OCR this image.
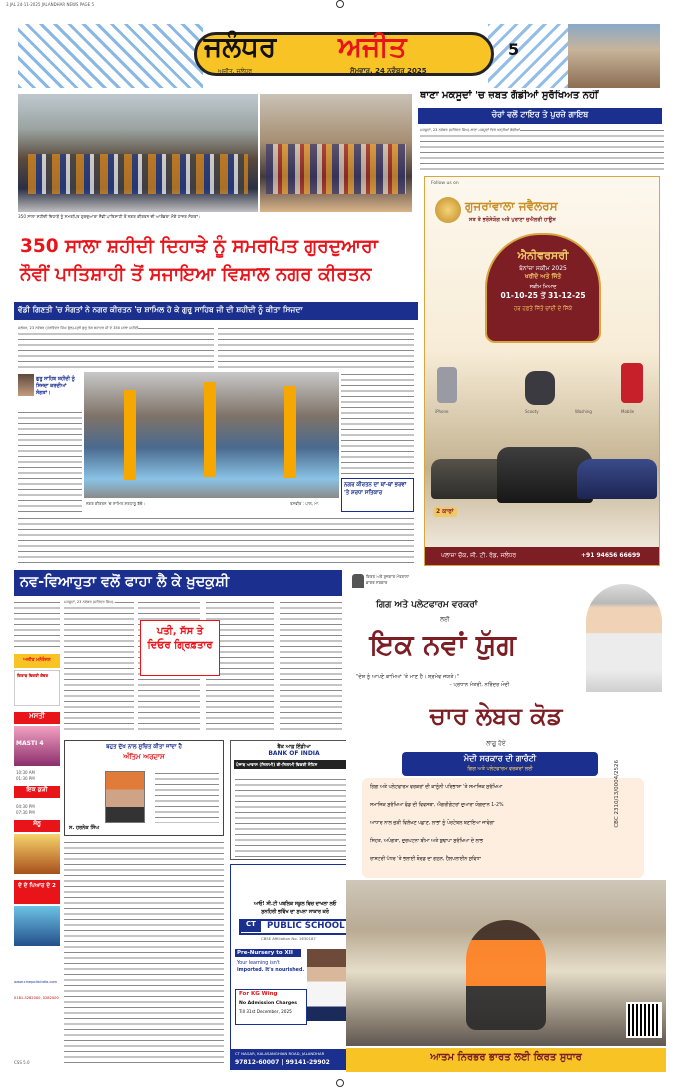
3 JAL 24-11-2025 JALANDHAR NEWS PAGE 5
ਜਲੰਧਰ ਅਜੀਤ
ਅਜੀਤ, ਜਲੰਧਰ	ਸੋਮਵਾਰ, 24 ਨਵੰਬਰ 2025
5
350 ਸਾਲਾ ਸ਼ਹੀਦੀ ਦਿਹਾੜੇ ਨੂੰ ਸਮਰਪਿਤ ਗੁਰਦੁਆਰਾ ਨੌਵੀਂ ਪਾਤਿਸ਼ਾਹੀ ਤੋਂ ਨਗਰ ਕੀਰਤਨ ਦੀ ਆਰੰਭਤਾ ਮੌਕੇ ਹਾਜ਼ਰ ਸੰਗਤਾਂ।
350 ਸਾਲਾ ਸ਼ਹੀਦੀ ਦਿਹਾੜੇ ਨੂੰ ਸਮਰਪਿਤ ਗੁਰਦੁਆਰਾ
ਨੌਵੀਂ ਪਾਤਿਸ਼ਾਹੀ ਤੋਂ ਸਜਾਇਆ ਵਿਸ਼ਾਲ ਨਗਰ ਕੀਰਤਨ
ਵੱਡੀ ਗਿਣਤੀ 'ਚ ਸੰਗਤਾਂ ਨੇ ਨਗਰ ਕੀਰਤਨ 'ਚ ਸ਼ਾਮਿਲ ਹੋ ਕੇ ਗੁਰੂ ਸਾਹਿਬ ਜੀ ਦੀ ਸ਼ਹੀਦੀ ਨੂੰ ਕੀਤਾ ਸਿਜਦਾ
ਜਲੰਧਰ, 23 ਨਵੰਬਰ (ਹਰਵਿੰਦਰ ਸਿੰਘ ਫੁੱਲ)-ਸ੍ਰੀ ਗੁਰੂ ਤੇਗ ਬਹਾਦਰ ਜੀ ਦੇ 350 ਸਾਲਾ ਸ਼ਹੀਦੀ
ਗੁਰੂ ਸਾਹਿਬ ਸ਼ਹੀਦੀ ਨੂੰ ਸਿਜਦਾ ਕਰਦੀਆਂ ਸੰਗਤਾਂ।
ਨਗਰ ਕੀਰਤਨ 'ਚ ਸ਼ਾਮਿਲ ਸ਼ਰਧਾਲੂ ਬੱਚੇ।	ਤਸਵੀਰ : ਪਾਲ, ਮਾ.
ਨਗਰ ਕੀਰਤਨ ਦਾ ਥਾਂ-ਥਾਂ ਭਰਵਾਂ 'ਤੇ ਸ਼ਰਧਾ ਸਤਿਕਾਰ
ਥਾਣਾ ਮਕਸੂਦਾਂ 'ਚ ਜ਼ਬਤ ਗੱਡੀਆਂ ਸੁਰੱਖਿਅਤ ਨਹੀਂ
ਚੋਰਾਂ ਵਲੋਂ ਟਾਇਰ ਤੇ ਪੁਰਜ਼ੇ ਗਾਇਬ
ਮਕਸੂਦਾਂ, 23 ਨਵੰਬਰ (ਸਤਿੰਦਰ ਸਿੰਘ)-ਥਾਣਾ ਮਕਸੂਦਾਂ ਵਿਖੇ ਖੜ੍ਹੀਆਂ ਗੱਡੀਆਂ
Follow us on
ਗੁਜਰਾਂਵਾਲਾ ਜਵੈਲਰਸ
ਸਤ ਤੇ ਭਰੋਸੇਯੋਗ ਅਤੇ ਪੁਰਾਣਾ ਜੁਐਲਰੀ ਹਾਊਸ
ਐਨੀਵਰਸਰੀ
ਬੋਨਾਂਜ਼ਾ ਸਕੀਮ 2025
ਖਰੀਦੋ ਅਤੇ ਜਿੱਤੋ
ਸਕੀਮ ਮਿਆਦ
01-10-25 ਤੋਂ 31-12-25
ਹਰ ਹਫ਼ਤੇ ਜਿੱਤੋ ਚਾਂਦੀ ਦੇ ਸਿੱਕੇ
iPhone	Scooty	Washing	Mobile
2 ਕਾਰਾਂ
ਪਲਾਜ਼ਾ ਚੌਕ, ਜੀ. ਟੀ. ਰੋਡ, ਜਲੰਧਰ	+91 94656 66699
ਨਵ-ਵਿਆਹੁਤਾ ਵਲੋਂ ਫਾਹਾ ਲੈ ਕੇ ਖ਼ੁਦਕੁਸ਼ੀ
ਮਕਸੂਦਾਂ, 23 ਨਵੰਬਰ (ਸਤਿੰਦਰ ਸਿੰਘ)-
ਪਤੀ, ਸੱਸ ਤੇ ਦਿਓਰ ਗ੍ਰਿਫ਼ਤਾਰ
ਅਜੀਤ ਮਨੋਰੰਜਨ
ਕਿਤਾਬ ਵਿਕਰੀ ਕੇਂਦਰ
ਮਸਤੀ
MASTI 4
10:30 AM
01:30 PM
ਇਕ ਕੁੜੀ
04:30 PM
07:30 PM
ਸੋਨੂ
ਦੇ ਦੇ ਪਿਆਰ ਦੇ 2
www.cinepolisindia.com
0181-5282000, 5282000
CSS 5.0
ਬਹੁਤ ਦੁੱਖ ਨਾਲ ਸੂਚਿਤ ਕੀਤਾ ਜਾਂਦਾ ਹੈ
ਅੰਤਿਮ ਅਰਦਾਸ
ਸ. ਹਰਨੇਕ ਸਿੰਘ
ਬੈਂਕ ਆਫ਼ ਇੰਡੀਆ
BANK OF INDIA
ਪੰਜਾਬ ਆਵਾਸ (ਨਿਲਾਮੀ) ਈ-ਨਿਲਾਮੀ ਵਿਕਰੀ ਨੋਟਿਸ
ਆਓ! ਸੀ.ਟੀ ਪਬਲਿਕ ਸਕੂਲ ਵਿਚ ਦਾਖਲਾ ਲਓ
ਸੁਨਹਿਰੀ ਭਵਿੱਖ ਦਾ ਸੁਪਨਾ ਸਾਕਾਰ ਕਰੋ
CT	PUBLIC SCHOOL
CBSE Affiliation No. 1630187
Pre-Nursery to XII
Your learning isn't
imported. It's nourished.
For KG Wing
No Admission Charges
Till 31st December, 2025
CT NAGAR, KALASANGHIAN ROAD, JALANDHAR
97812-60007 | 99141-29902
ਕਿਰਤ ਅਤੇ ਰੁਜ਼ਗਾਰ ਮੰਤਰਾਲਾ
ਭਾਰਤ ਸਰਕਾਰ
ਗਿਗ ਅਤੇ ਪਲੇਟਫਾਰਮ ਵਰਕਰਾਂ
ਲਈ
ਇਕ ਨਵਾਂ ਯੁੱਗ
"ਦੇਸ਼ ਨੂੰ ਆਪਣੇ ਕਾਮਿਆਂ 'ਤੇ ਮਾਣ ਹੈ। ਸ਼੍ਰਮੇਵ ਜਯਤੇ।"
- ਪ੍ਰਧਾਨ ਮੰਤਰੀ, ਨਰਿੰਦਰ ਮੋਦੀ
ਚਾਰ ਲੇਬਰ ਕੋਡ
ਲਾਗੂ ਹੋਏ
ਮੋਦੀ ਸਰਕਾਰ ਦੀ ਗਾਰੰਟੀ
ਗਿਗ ਅਤੇ ਪਲੇਟਫਾਰਮ ਵਰਕਰਾਂ ਲਈ
ਗਿਗ ਅਤੇ ਪਲੇਟਫਾਰਮ ਵਰਕਰਾਂ ਦੀ ਕਾਨੂੰਨੀ ਪਰਿਭਾਸ਼ਾ 'ਤੇ ਸਮਾਜਿਕ ਸੁਰੱਖਿਆ
ਸਮਾਜਿਕ ਸੁਰੱਖਿਆ ਫੰਡ ਦੀ ਵਿਵਸਥਾ, ਐਗਰੀਗੇਟਰਾਂ ਦੁਆਰਾ ਯੋਗਦਾਨ 1-2%
ਆਧਾਰ ਨਾਲ ਜੁੜੀ ਵਿਲੱਖਣ ਪਛਾਣ, ਲਾਭਾਂ ਨੂੰ ਪੋਰਟੇਬਲ ਬਣਾਇਆ ਜਾਵੇਗਾ
ਸਿਹਤ, ਅਪੰਗਤਾ, ਦੁਰਘਟਨਾ ਬੀਮਾ ਅਤੇ ਬੁਢਾਪਾ ਸੁਰੱਖਿਆ ਦੇ ਲਾਭ
ਰਾਸ਼ਟਰੀ ਪੱਧਰ 'ਤੇ ਭਲਾਈ ਬੋਰਡ ਦਾ ਗਠਨ, ਹੈਲਪਲਾਈਨ ਸੁਵਿਧਾ
CBC 2310/13/0004/2526
ਆਤਮ ਨਿਰਭਰ ਭਾਰਤ ਲਈ ਕਿਰਤ ਸੁਧਾਰ
